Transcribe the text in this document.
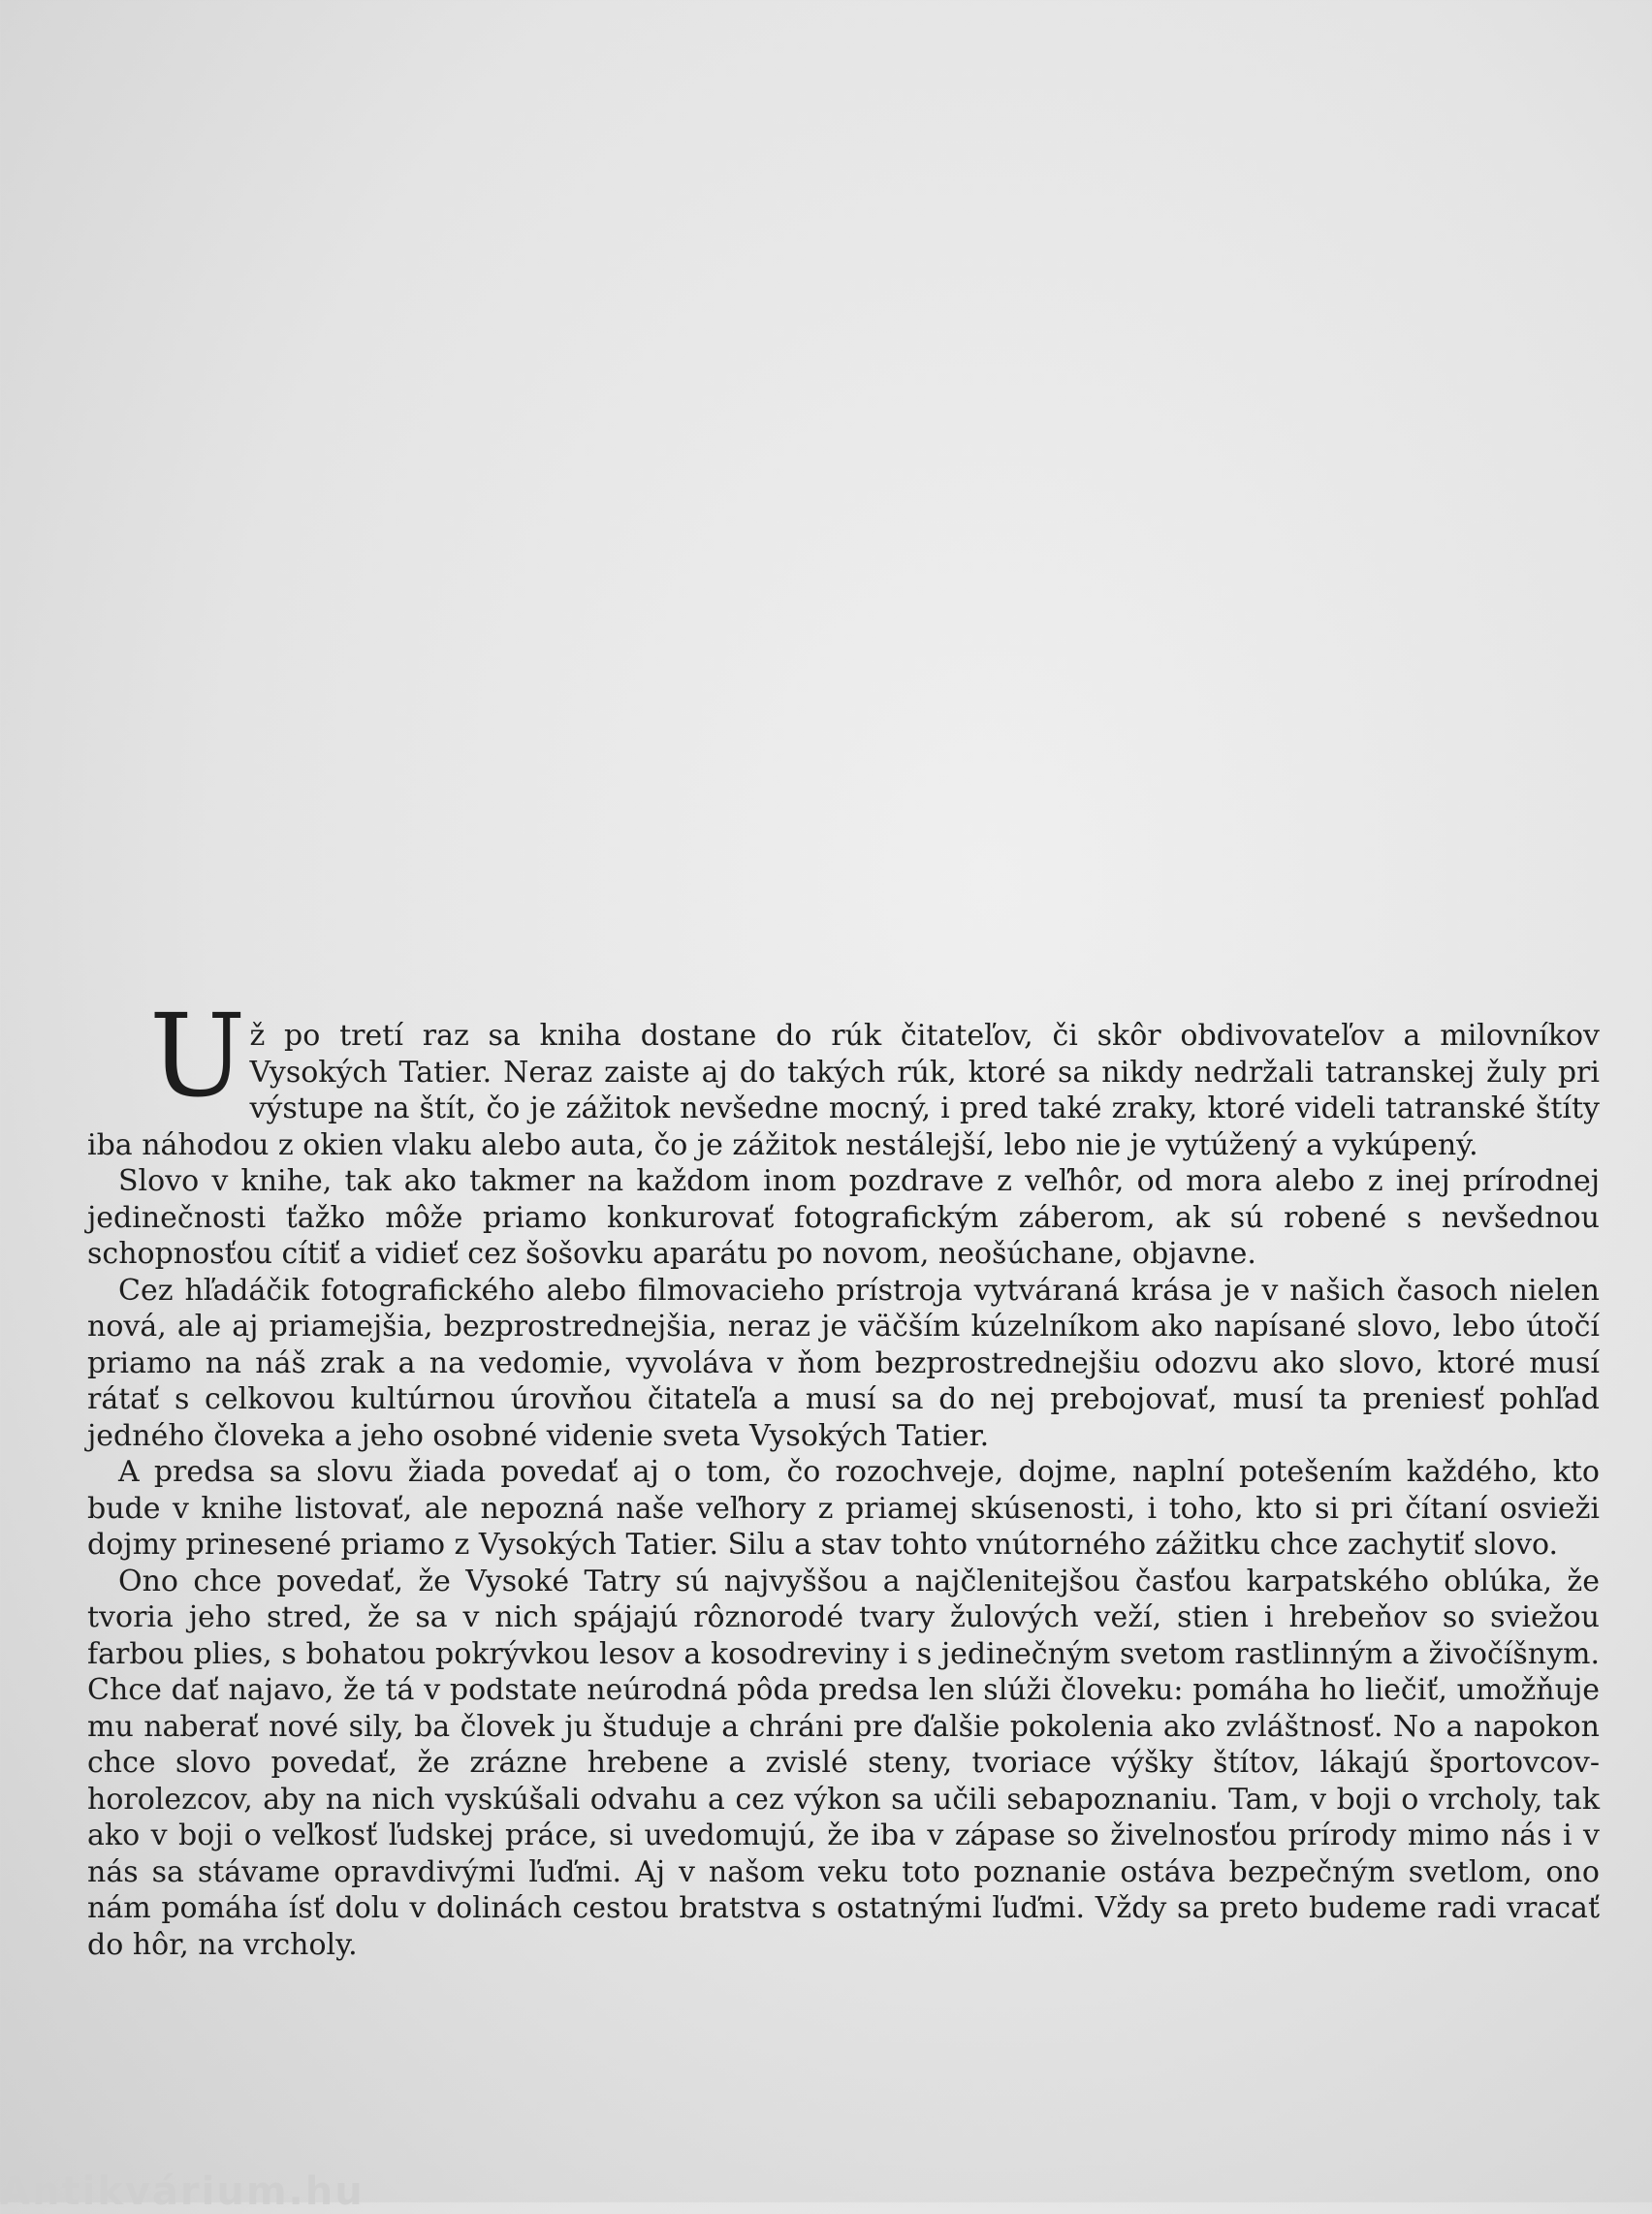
Už po tretí raz sa kniha dostane do rúk čitateľov, či skôr obdivovateľov a milovníkov Vysokých Tatier. Neraz zaiste aj do takých rúk, ktoré sa nikdy nedržali tatranskej žuly pri výstupe na štít, čo je zážitok nevšedne mocný, i pred také zraky, ktoré videli tatranské štíty iba náhodou z okien vlaku alebo auta, čo je zážitok nestálejší, lebo nie je vytúžený a vykúpený.

Slovo v knihe, tak ako takmer na každom inom pozdrave z veľhôr, od mora alebo z inej prírodnej jedinečnosti ťažko môže priamo konkurovať fotografickým záberom, ak sú robené s nevšednou schopnosťou cítiť a vidieť cez šošovku aparátu po novom, neošúchane, objavne.

Cez hľadáčik fotografického alebo filmovacieho prístroja vytváraná krása je v našich časoch nielen nová, ale aj priamejšia, bezprostrednejšia, neraz je väčším kúzelníkom ako napísané slovo, lebo útočí priamo na náš zrak a na vedomie, vyvoláva v ňom bezprostrednejšiu odozvu ako slovo, ktoré musí rátať s celkovou kultúrnou úrovňou čitateľa a musí sa do nej prebojovať, musí ta preniesť pohľad jedného človeka a jeho osobné videnie sveta Vysokých Tatier.

A predsa sa slovu žiada povedať aj o tom, čo rozochveje, dojme, naplní potešením každého, kto bude v knihe listovať, ale nepozná naše veľhory z priamej skúsenosti, i toho, kto si pri čítaní osvieži dojmy prinesené priamo z Vysokých Tatier. Silu a stav tohto vnútorného zážitku chce zachytiť slovo.

Ono chce povedať, že Vysoké Tatry sú najvyššou a najčlenitejšou časťou karpatského oblúka, že tvoria jeho stred, že sa v nich spájajú rôznorodé tvary žulových veží, stien i hrebeňov so sviežou farbou plies, s bohatou pokrývkou lesov a kosodreviny i s jedinečným svetom rastlinným a živočíšnym. Chce dať najavo, že tá v podstate neúrodná pôda predsa len slúži človeku: pomáha ho liečiť, umožňuje mu naberať nové sily, ba človek ju študuje a chráni pre ďalšie pokolenia ako zvláštnosť. No a napokon chce slovo povedať, že zrázne hrebene a zvislé steny, tvoriace výšky štítov, lákajú športovcov-horolezcov, aby na nich vyskúšali odvahu a cez výkon sa učili sebapoznaniu. Tam, v boji o vrcholy, tak ako v boji o veľkosť ľudskej práce, si uvedomujú, že iba v zápase so živelnosťou prírody mimo nás i v nás sa stávame opravdivými ľuďmi. Aj v našom veku toto poznanie ostáva bezpečným svetlom, ono nám pomáha ísť dolu v dolinách cestou bratstva s ostatnými ľuďmi. Vždy sa preto budeme radi vracať do hôr, na vrcholy.

Antikvárium.hu
